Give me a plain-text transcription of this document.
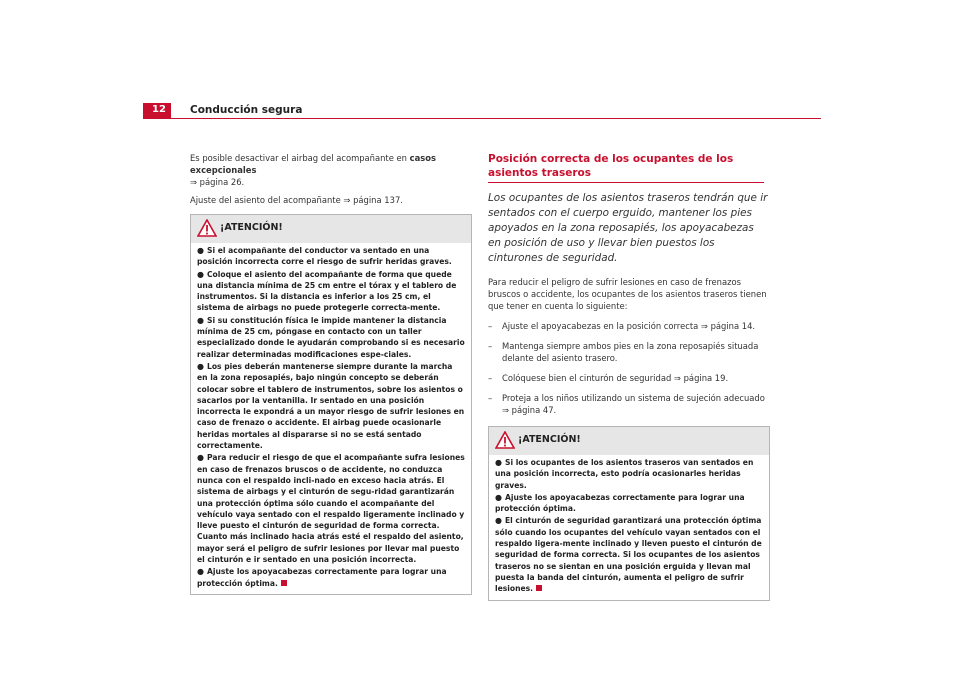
12 Conducción segura

Es posible desactivar el airbag del acompañante en casos excepcionales
⇒ página 26.

Ajuste del asiento del acompañante ⇒ página 137.

¡ATENCIÓN!

● Si el acompañante del conductor va sentado en una posición incorrecta corre el riesgo de sufrir heridas graves.

● Coloque el asiento del acompañante de forma que quede una distancia mínima de 25 cm entre el tórax y el tablero de instrumentos. Si la distancia es inferior a los 25 cm, el sistema de airbags no puede protegerle correcta-mente.

● Si su constitución física le impide mantener la distancia mínima de 25 cm, póngase en contacto con un taller especializado donde le ayudarán comprobando si es necesario realizar determinadas modificaciones espe-ciales.

● Los pies deberán mantenerse siempre durante la marcha en la zona reposapiés, bajo ningún concepto se deberán colocar sobre el tablero de instrumentos, sobre los asientos o sacarlos por la ventanilla. Ir sentado en una posición incorrecta le expondrá a un mayor riesgo de sufrir lesiones en caso de frenazo o accidente. El airbag puede ocasionarle heridas mortales al dispararse si no se está sentado correctamente.

● Para reducir el riesgo de que el acompañante sufra lesiones en caso de frenazos bruscos o de accidente, no conduzca nunca con el respaldo incli-nado en exceso hacia atrás. El sistema de airbags y el cinturón de segu-ridad garantizarán una protección óptima sólo cuando el acompañante del vehículo vaya sentado con el respaldo ligeramente inclinado y lleve puesto el cinturón de seguridad de forma correcta. Cuanto más inclinado hacia atrás esté el respaldo del asiento, mayor será el peligro de sufrir lesiones por llevar mal puesto el cinturón e ir sentado en una posición incorrecta.

● Ajuste los apoyacabezas correctamente para lograr una protección óptima.

Posición correcta de los ocupantes de los asientos traseros

Los ocupantes de los asientos traseros tendrán que ir sentados con el cuerpo erguido, mantener los pies apoyados en la zona reposapiés, los apoyacabezas en posición de uso y llevar bien puestos los cinturones de seguridad.

Para reducir el peligro de sufrir lesiones en caso de frenazos bruscos o accidente, los ocupantes de los asientos traseros tienen que tener en cuenta lo siguiente:

–	Ajuste el apoyacabezas en la posición correcta ⇒ página 14.
–	Mantenga siempre ambos pies en la zona reposapiés situada delante del asiento trasero.
–	Colóquese bien el cinturón de seguridad ⇒ página 19.
–	Proteja a los niños utilizando un sistema de sujeción adecuado ⇒ página 47.
¡ATENCIÓN!

● Si los ocupantes de los asientos traseros van sentados en una posición incorrecta, esto podría ocasionarles heridas graves.

● Ajuste los apoyacabezas correctamente para lograr una protección óptima.

● El cinturón de seguridad garantizará una protección óptima sólo cuando los ocupantes del vehículo vayan sentados con el respaldo ligera-mente inclinado y lleven puesto el cinturón de seguridad de forma correcta. Si los ocupantes de los asientos traseros no se sientan en una posición erguida y llevan mal puesta la banda del cinturón, aumenta el peligro de sufrir lesiones.
